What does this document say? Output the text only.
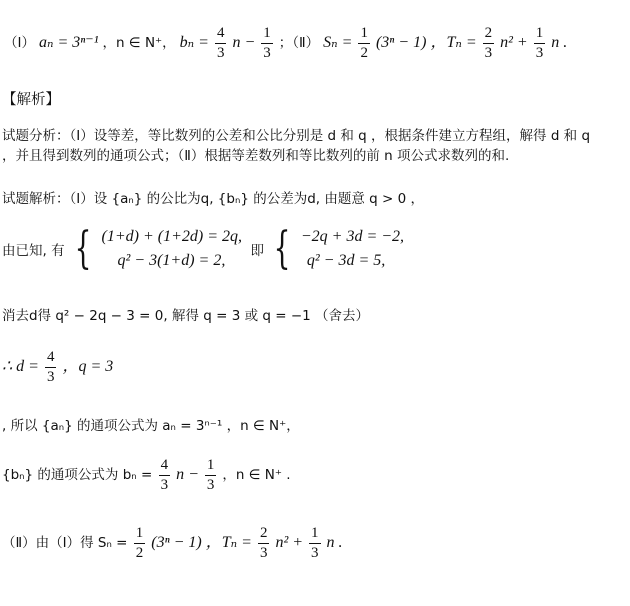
（Ⅰ） aₙ = 3ⁿ⁻¹ ，n ∈ N⁺， $b_n = \frac{4}{3}$ $n - \frac{1}{3}$ ；（Ⅱ） $S_n = \frac{1}{2} (3^n - 1)$ ，$T_n = \frac{2}{3} n^2 + \frac{1}{3}$ n .
【解析】
试题分析：（Ⅰ）设等差，等比数列的公差和公比分别是 d 和 q ，根据条件建立方程组，解得 d 和 q
，并且得到数列的通项公式；（Ⅱ）根据等差数列和等比数列的前 n 项公式求数列的和.
试题解析：（Ⅰ）设 {aₙ} 的公比为q, {bₙ} 的公差为d, 由题意 q > 0 ，
由已知, 有 { (1+d) + (1+2d) = 2q,
q² − 3(1+d) = 2,
即 { −2q + 3d = −2,
q² − 3d = 5,
消去d得 q² − 2q − 3 = 0, 解得 q = 3 或 q = −1 （舍去）
∴ $d = \frac{4}{3}$ ，q = 3
, 所以 {aₙ} 的通项公式为 aₙ = 3ⁿ⁻¹ ，n ∈ N⁺，
{bₙ} 的通项公式为 $b_n = \frac{4}{3}$ $n - \frac{1}{3}$ ，n ∈ N⁺ .
（Ⅱ）由（Ⅰ）得 $S_n = \frac{1}{2} (3^n - 1)$ ，$T_n = \frac{2}{3} n^2 + \frac{1}{3}$ n .
